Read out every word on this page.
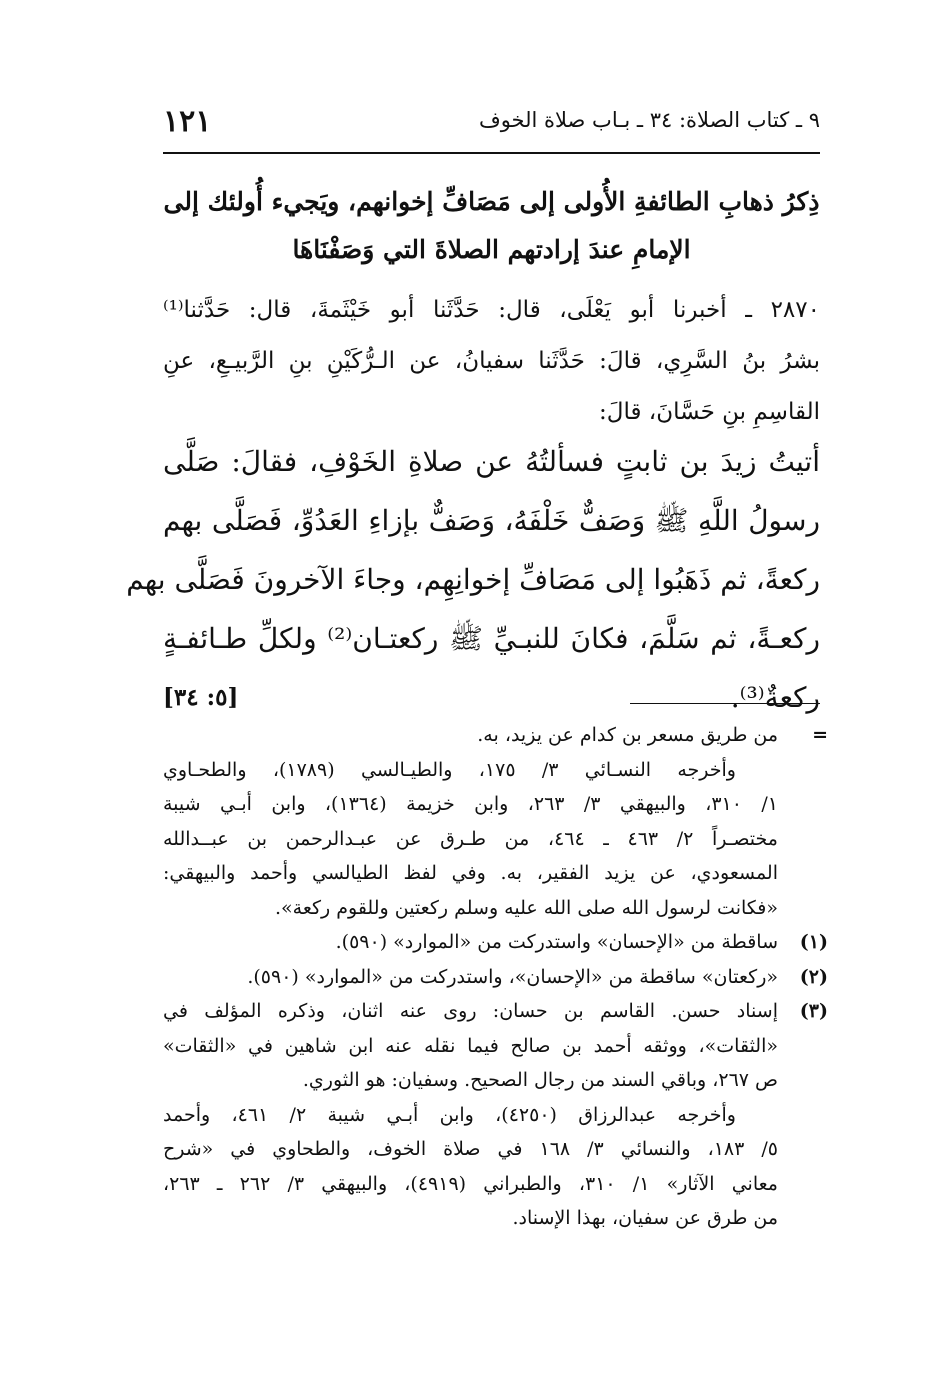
٩ ـ كتاب الصلاة: ٣٤ ـ بـاب صلاة الخوف
١٢١
ذِكرُ ذهابِ الطائفةِ الأُولى إلى مَصَافِّ إخوانهم، ويَجيء أُولئك إلى
الإمامِ عندَ إرادتهم الصلاةَ التي وَصَفْنَاهَا
٢٨٧٠ ـ أخبرنا أبو يَعْلَى، قال: حَدَّثَنا أبو خَيْثَمةَ، قال: حَدَّثنا⁽¹⁾
بشرُ بنُ السَّرِي، قالَ: حَدَّثَنا سفيانُ، عن الـرُّكَيْنِ بنِ الرَّبيـعِ، عنِ
القاسِمِ بنِ حَسَّانَ، قالَ:
أتيتُ زيدَ بن ثابتٍ فسألتُهُ عن صلاةِ الخَوْفِ، فقالَ: صَلَّى
رسولُ اللَّهِ ﷺ وَصَفٌّ خَلْفَهُ، وَصَفٌّ بإزاءِ العَدُوِّ، فَصَلَّى بهم
ركعةً، ثم ذَهَبُوا إلى مَصَافِّ إخوانِهِم، وجاءَ الآخرونَ فَصَلَّى بهم
ركعـةً، ثم سَلَّمَ، فكانَ للنبـيِّ ﷺ ركعتـان⁽²⁾ ولكلِّ طـائفـةٍ
ركعةٌ⁽³⁾.
[٥: ٣٤]
=
من طريق مسعر بن كدام عن يزيد، به.
وأخرجه النسـائي ٣/ ١٧٥، والطيـالسي (١٧٨٩)، والطحـاوي
١/ ٣١٠، والبيهقي ٣/ ٢٦٣، وابن خزيمة (١٣٦٤)، وابن أبـي شيبة
مختصـراً ٢/ ٤٦٣ ـ ٤٦٤، من طـرق عن عبـدالرحمن بن عبــدالله
المسعودي، عن يزيد الفقير، به. وفي لفظ الطيالسي وأحمد والبيهقي:
«فكانت لرسول الله صلى الله عليه وسلم ركعتين وللقوم ركعة».
(١)
ساقطة من «الإحسان» واستدركت من «الموارد» (٥٩٠).
(٢)
«ركعتان» ساقطة من «الإحسان»، واستدركت من «الموارد» (٥٩٠).
(٣)
إسناد حسن. القاسم بن حسان: روى عنه اثنان، وذكره المؤلف في
«الثقات»، ووثقه أحمد بن صالح فيما نقله عنه ابن شاهين في «الثقات»
ص ٢٦٧، وباقي السند من رجال الصحيح. وسفيان: هو الثوري.
وأخرجه عبدالرزاق (٤٢٥٠)، وابن أبـي شيبة ٢/ ٤٦١، وأحمد
٥/ ١٨٣، والنسائي ٣/ ١٦٨ في صلاة الخوف، والطحاوي في «شرح
معاني الآثار» ١/ ٣١٠، والطبراني (٤٩١٩)، والبيهقي ٣/ ٢٦٢ ـ ٢٦٣،
من طرق عن سفيان، بهذا الإسناد.
